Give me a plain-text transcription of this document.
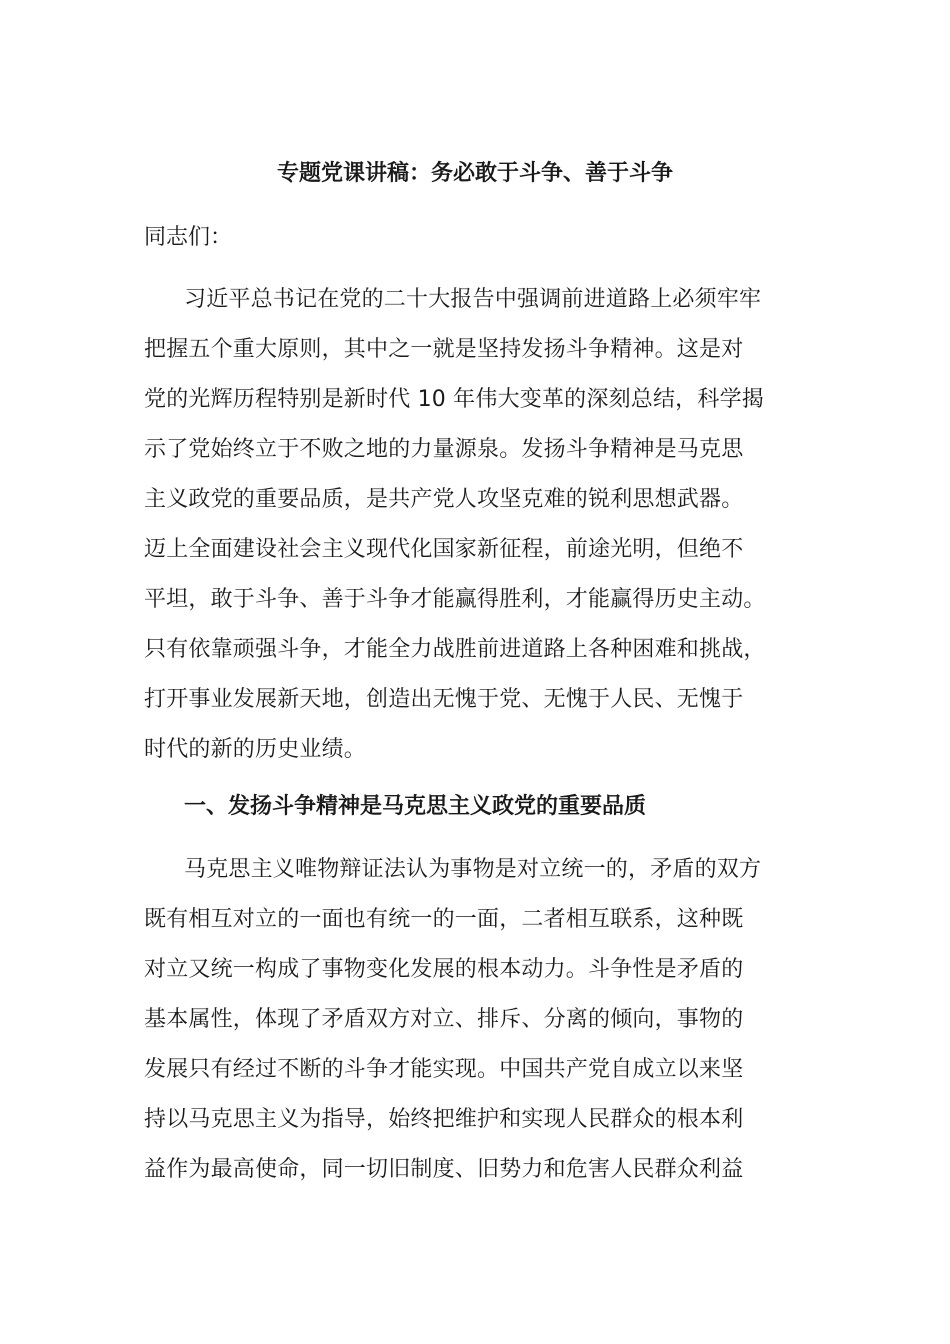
专题党课讲稿：务必敢于斗争、善于斗争

同志们：

习近平总书记在党的二十大报告中强调前进道路上必须牢牢
把握五个重大原则，其中之一就是坚持发扬斗争精神。这是对
党的光辉历程特别是新时代 10 年伟大变革的深刻总结，科学揭
示了党始终立于不败之地的力量源泉。发扬斗争精神是马克思
主义政党的重要品质，是共产党人攻坚克难的锐利思想武器。
迈上全面建设社会主义现代化国家新征程，前途光明，但绝不
平坦，敢于斗争、善于斗争才能赢得胜利，才能赢得历史主动。
只有依靠顽强斗争，才能全力战胜前进道路上各种困难和挑战，
打开事业发展新天地，创造出无愧于党、无愧于人民、无愧于
时代的新的历史业绩。
一、发扬斗争精神是马克思主义政党的重要品质
马克思主义唯物辩证法认为事物是对立统一的，矛盾的双方
既有相互对立的一面也有统一的一面，二者相互联系，这种既
对立又统一构成了事物变化发展的根本动力。斗争性是矛盾的
基本属性，体现了矛盾双方对立、排斥、分离的倾向，事物的
发展只有经过不断的斗争才能实现。中国共产党自成立以来坚
持以马克思主义为指导，始终把维护和实现人民群众的根本利
益作为最高使命，同一切旧制度、旧势力和危害人民群众利益
